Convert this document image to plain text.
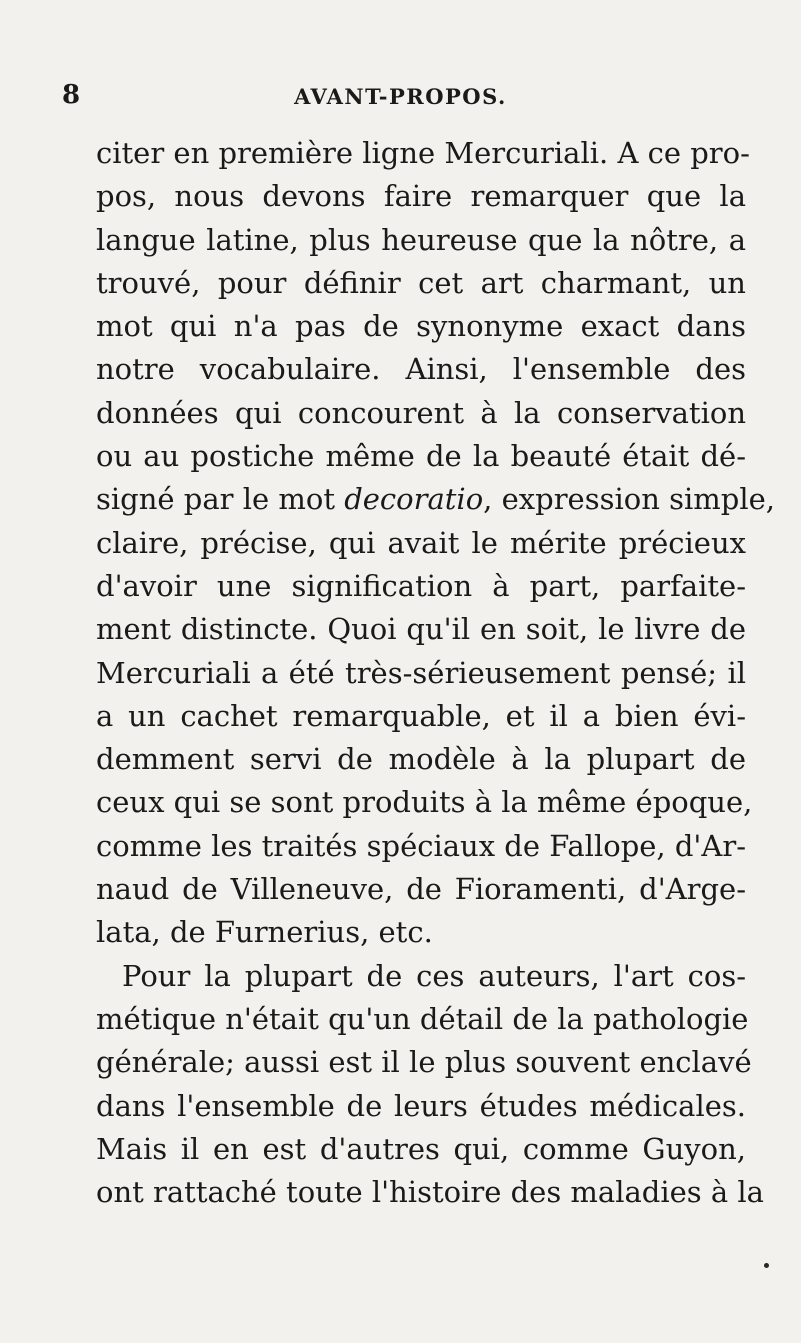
8	AVANT-PROPOS.
citer en première ligne Mercuriali. A ce pro-
pos, nous devons faire remarquer que la
langue latine, plus heureuse que la nôtre, a
trouvé, pour définir cet art charmant, un
mot qui n'a pas de synonyme exact dans
notre vocabulaire. Ainsi, l'ensemble des
données qui concourent à la conservation
ou au postiche même de la beauté était dé-
signé par le mot decoratio, expression simple,
claire, précise, qui avait le mérite précieux
d'avoir une signification à part, parfaite-
ment distincte. Quoi qu'il en soit, le livre de
Mercuriali a été très-sérieusement pensé; il
a un cachet remarquable, et il a bien évi-
demment servi de modèle à la plupart de
ceux qui se sont produits à la même époque,
comme les traités spéciaux de Fallope, d'Ar-
naud de Villeneuve, de Fioramenti, d'Arge-
lata, de Furnerius, etc.
Pour la plupart de ces auteurs, l'art cos-
métique n'était qu'un détail de la pathologie
générale; aussi est il le plus souvent enclavé
dans l'ensemble de leurs études médicales.
Mais il en est d'autres qui, comme Guyon,
ont rattaché toute l'histoire des maladies à la
